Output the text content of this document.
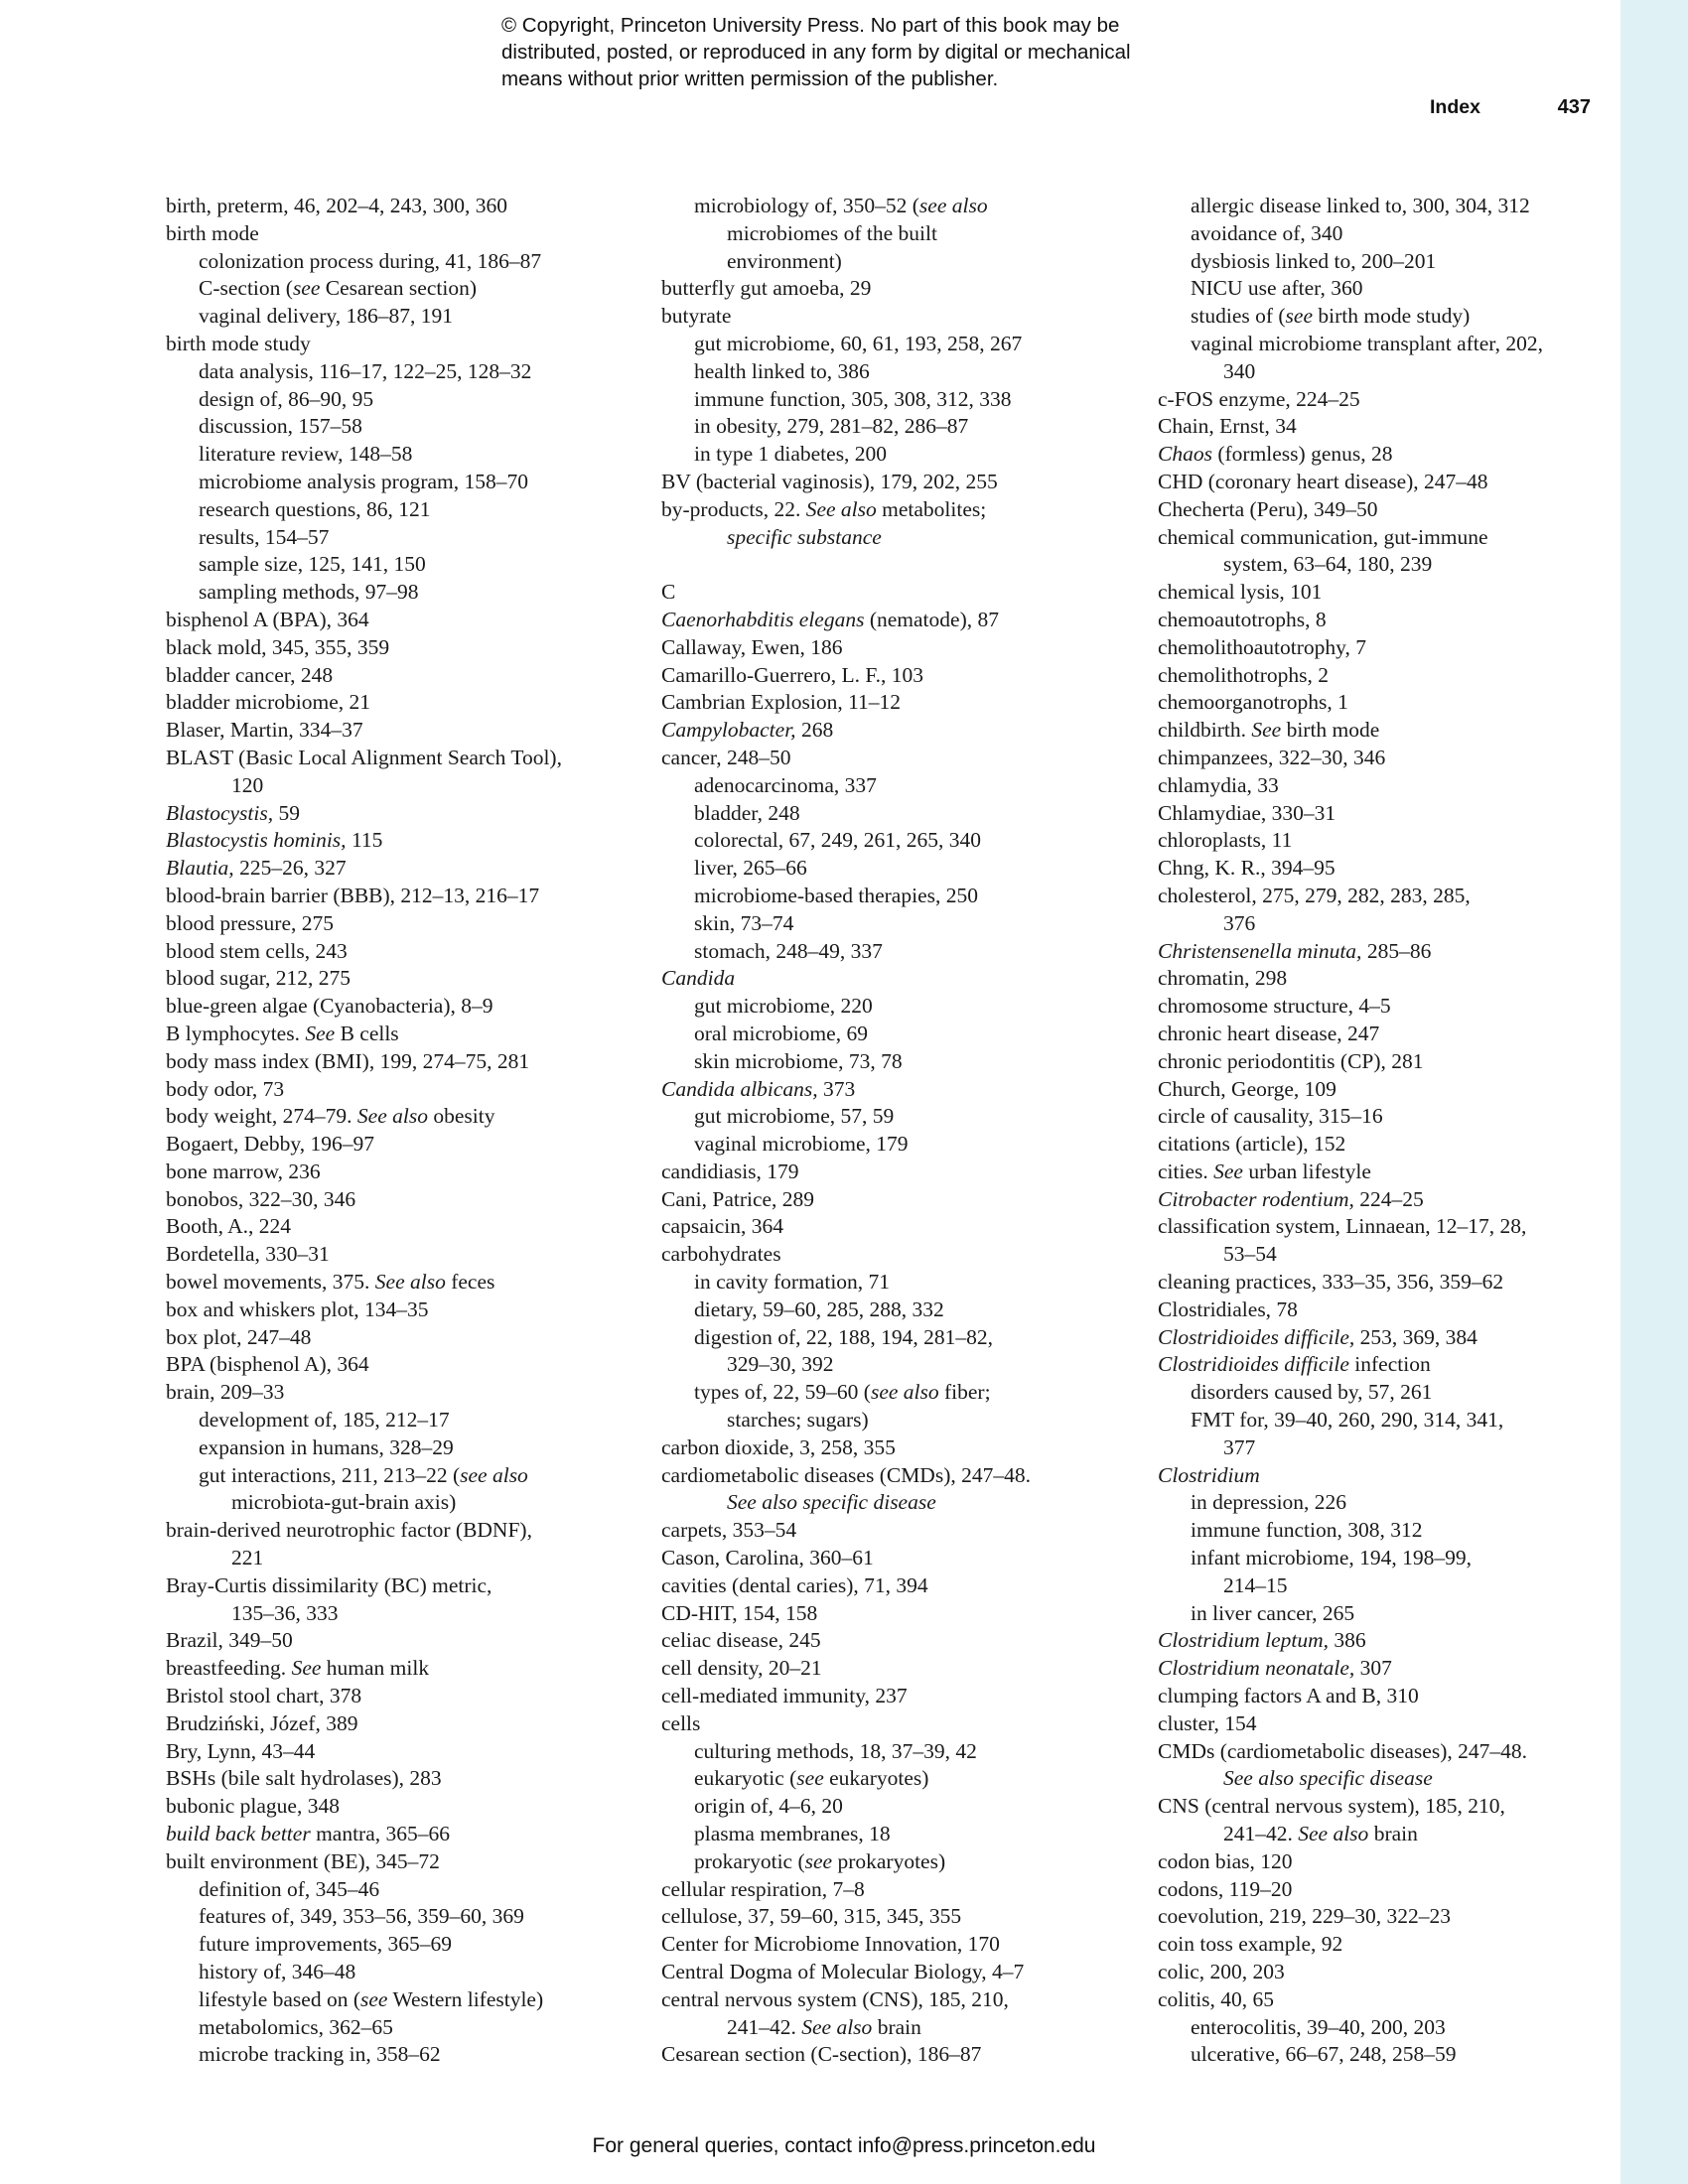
© Copyright, Princeton University Press. No part of this book may be
distributed, posted, or reproduced in any form by digital or mechanical
means without prior written permission of the publisher.
Index	437
birth, preterm, 46, 202–4, 243, 300, 360
birth mode
colonization process during, 41, 186–87
C-section (see Cesarean section)
vaginal delivery, 186–87, 191
birth mode study
data analysis, 116–17, 122–25, 128–32
design of, 86–90, 95
discussion, 157–58
literature review, 148–58
microbiome analysis program, 158–70
research questions, 86, 121
results, 154–57
sample size, 125, 141, 150
sampling methods, 97–98
bisphenol A (BPA), 364
black mold, 345, 355, 359
bladder cancer, 248
bladder microbiome, 21
Blaser, Martin, 334–37
BLAST (Basic Local Alignment Search Tool),
120
Blastocystis, 59
Blastocystis hominis, 115
Blautia, 225–26, 327
blood-brain barrier (BBB), 212–13, 216–17
blood pressure, 275
blood stem cells, 243
blood sugar, 212, 275
blue-green algae (Cyanobacteria), 8–9
B lymphocytes. See B cells
body mass index (BMI), 199, 274–75, 281
body odor, 73
body weight, 274–79. See also obesity
Bogaert, Debby, 196–97
bone marrow, 236
bonobos, 322–30, 346
Booth, A., 224
Bordetella, 330–31
bowel movements, 375. See also feces
box and whiskers plot, 134–35
box plot, 247–48
BPA (bisphenol A), 364
brain, 209–33
development of, 185, 212–17
expansion in humans, 328–29
gut interactions, 211, 213–22 (see also
microbiota-gut-brain axis)
brain-derived neurotrophic factor (BDNF),
221
Bray-Curtis dissimilarity (BC) metric,
135–36, 333
Brazil, 349–50
breastfeeding. See human milk
Bristol stool chart, 378
Brudziński, Józef, 389
Bry, Lynn, 43–44
BSHs (bile salt hydrolases), 283
bubonic plague, 348
build back better mantra, 365–66
built environment (BE), 345–72
definition of, 345–46
features of, 349, 353–56, 359–60, 369
future improvements, 365–69
history of, 346–48
lifestyle based on (see Western lifestyle)
metabolomics, 362–65
microbe tracking in, 358–62
microbiology of, 350–52 (see also
microbiomes of the built
environment)
butterfly gut amoeba, 29
butyrate
gut microbiome, 60, 61, 193, 258, 267
health linked to, 386
immune function, 305, 308, 312, 338
in obesity, 279, 281–82, 286–87
in type 1 diabetes, 200
BV (bacterial vaginosis), 179, 202, 255
by-products, 22. See also metabolites;
specific substance
C
Caenorhabditis elegans (nematode), 87
Callaway, Ewen, 186
Camarillo-Guerrero, L. F., 103
Cambrian Explosion, 11–12
Campylobacter, 268
cancer, 248–50
adenocarcinoma, 337
bladder, 248
colorectal, 67, 249, 261, 265, 340
liver, 265–66
microbiome-based therapies, 250
skin, 73–74
stomach, 248–49, 337
Candida
gut microbiome, 220
oral microbiome, 69
skin microbiome, 73, 78
Candida albicans, 373
gut microbiome, 57, 59
vaginal microbiome, 179
candidiasis, 179
Cani, Patrice, 289
capsaicin, 364
carbohydrates
in cavity formation, 71
dietary, 59–60, 285, 288, 332
digestion of, 22, 188, 194, 281–82,
329–30, 392
types of, 22, 59–60 (see also fiber;
starches; sugars)
carbon dioxide, 3, 258, 355
cardiometabolic diseases (CMDs), 247–48.
See also specific disease
carpets, 353–54
Cason, Carolina, 360–61
cavities (dental caries), 71, 394
CD-HIT, 154, 158
celiac disease, 245
cell density, 20–21
cell-mediated immunity, 237
cells
culturing methods, 18, 37–39, 42
eukaryotic (see eukaryotes)
origin of, 4–6, 20
plasma membranes, 18
prokaryotic (see prokaryotes)
cellular respiration, 7–8
cellulose, 37, 59–60, 315, 345, 355
Center for Microbiome Innovation, 170
Central Dogma of Molecular Biology, 4–7
central nervous system (CNS), 185, 210,
241–42. See also brain
Cesarean section (C-section), 186–87
allergic disease linked to, 300, 304, 312
avoidance of, 340
dysbiosis linked to, 200–201
NICU use after, 360
studies of (see birth mode study)
vaginal microbiome transplant after, 202,
340
c-FOS enzyme, 224–25
Chain, Ernst, 34
Chaos (formless) genus, 28
CHD (coronary heart disease), 247–48
Checherta (Peru), 349–50
chemical communication, gut-immune
system, 63–64, 180, 239
chemical lysis, 101
chemoautotrophs, 8
chemolithoautotrophy, 7
chemolithotrophs, 2
chemoorganotrophs, 1
childbirth. See birth mode
chimpanzees, 322–30, 346
chlamydia, 33
Chlamydiae, 330–31
chloroplasts, 11
Chng, K. R., 394–95
cholesterol, 275, 279, 282, 283, 285,
376
Christensenella minuta, 285–86
chromatin, 298
chromosome structure, 4–5
chronic heart disease, 247
chronic periodontitis (CP), 281
Church, George, 109
circle of causality, 315–16
citations (article), 152
cities. See urban lifestyle
Citrobacter rodentium, 224–25
classification system, Linnaean, 12–17, 28,
53–54
cleaning practices, 333–35, 356, 359–62
Clostridiales, 78
Clostridioides difficile, 253, 369, 384
Clostridioides difficile infection
disorders caused by, 57, 261
FMT for, 39–40, 260, 290, 314, 341,
377
Clostridium
in depression, 226
immune function, 308, 312
infant microbiome, 194, 198–99,
214–15
in liver cancer, 265
Clostridium leptum, 386
Clostridium neonatale, 307
clumping factors A and B, 310
cluster, 154
CMDs (cardiometabolic diseases), 247–48.
See also specific disease
CNS (central nervous system), 185, 210,
241–42. See also brain
codon bias, 120
codons, 119–20
coevolution, 219, 229–30, 322–23
coin toss example, 92
colic, 200, 203
colitis, 40, 65
enterocolitis, 39–40, 200, 203
ulcerative, 66–67, 248, 258–59
For general queries, contact info@press.princeton.edu
